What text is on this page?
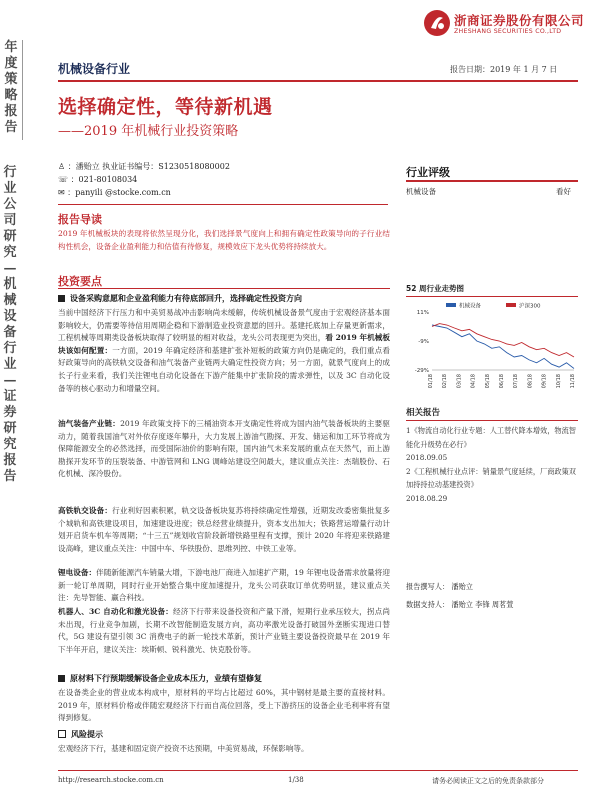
浙商证券股份有限公司
ZHESHANG SECURITIES CO.,LTD
机械设备行业	报告日期：2019 年 1 月 7 日
年
度
策
略
报
告
行
业
公
司
研
究
—
机
械
设
备
行
业
—
证
券
研
究
报
告
选择确定性，等待新机遇
——2019 年机械行业投资策略
♙ ：潘贻立 执业证书编号：S1230518080002
☏ ：021-80108034
✉ ：panyili @stocke.com.cn
行业评级
机械设备	看好
报告导读
2019 年机械板块的表现将依然呈现分化，我们选择景气度向上和拥有确定性政策导向的子行业结构性机会，设备企业盈利能力和估值有待修复，规模效应下龙头优势将持续放大。
投资要点
设备采购意愿和企业盈利能力有待底部回升，选择确定性投资方向
当前中国经济下行压力和中美贸易战冲击影响尚未缓解，传统机械设备景气度由于宏观经济基本面影响较大，仍需要等待信用周期企稳和下游制造业投资意愿的回升。基建托底加上存量更新需求，工程机械等周期类设备板块取得了较明显的相对收益，龙头公司表现更为突出，看 2019 年机械板块该如何配置：一方面，2019 年确定经济和基建扩张补短板的政策方向仍是确定的，我们重点看好政策导向的高铁轨交设备和油气装备产业链两大确定性投资方向；另一方面，就景气度向上的成长子行业来看，我们关注锂电自动化设备在下游产能集中扩张阶段的需求弹性，以及 3C 自动化设备等的核心驱动力和增量空间。
油气装备产业链：2019 年政策支持下的三桶油资本开支确定性将成为国内油气装备板块的主要驱动力，随着我国油气对外依存度逐年攀升，大力发展上游油气勘探、开发、储运和加工环节将成为保障能源安全的必然选择，而受国际油价的影响有限，国内油气未来发展的重点在天然气，而上游勘探开发环节的压裂装备、中游管网和 LNG 调峰站建设空间最大，建议重点关注：杰瑞股份、石化机械、深冷股份。
高铁轨交设备：行业利好因素积累，轨交设备板块复苏将持续确定性增强，近期发改委密集批复多个城轨和高铁建设项目，加速建设进度；铁总经营业绩提升，资本支出加大；铁路营运增量行动计划开启货车机车等周期；“十三五”规划收官阶段新增铁路里程有支撑，预计 2020 年将迎来铁路建设高峰，建议重点关注：中国中车、华铁股份、思维列控、中铁工业等。
锂电设备：伴随新能源汽车销量大增，下游电池厂商进入加速扩产期，19 年锂电设备需求放量将迎新一轮订单周期，同时行业开始整合集中度加速提升，龙头公司获取订单优势明显，建议重点关注：先导智能、赢合科技。
机器人、3C 自动化和激光设备：经济下行带来设备投资和产量下滑，短期行业承压较大，拐点尚未出现，行业竞争加剧，长期不改智能制造发展方向，高功率激光设备打破国外垄断实现进口替代，5G 建设有望引领 3C 消费电子的新一轮技术革新，预计产业链主要设备投资最早在 2019 年下半年开启，建议关注：埃斯顿、锐科激光、快克股份等。
原材料下行预期缓解设备企业成本压力，业绩有望修复
在设备类企业的营业成本构成中，原材料的平均占比超过 60%，其中钢材是最主要的直接材料。2019 年，原材料价格或伴随宏观经济下行而自高位回落，受上下游挤压的设备企业毛利率将有望得到修复。
风险提示
宏观经济下行，基建和固定资产投资不达预期，中美贸易战，环保影响等。
52 周行业走势图
机械设备	沪深300
11%
-9%
-29%
01/18 02/18 03/18 04/18 05/18 06/18 07/18 08/18 09/18 10/18 11/18
相关报告
1《物流自动化行业专题：人工替代降本增效，物流智能化升级势在必行》
2018.09.05
2《工程机械行业点评：销量景气度延续，厂商政策双加持持拉动基建投资》
2018.08.29
报告撰写人： 潘贻立
数据支持人： 潘贻立 李锋 周茗萱
http://research.stocke.com.cn	1/38	请务必阅读正文之后的免责条款部分
